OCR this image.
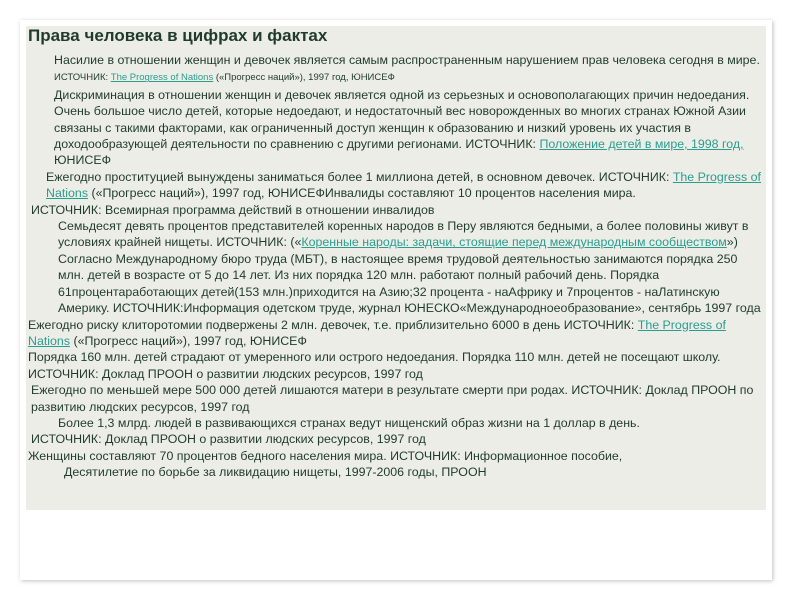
Права человека в цифрах и фактах

Насилие в отношении женщин и девочек является самым распространенным нарушением прав человека сегодня в мире. ИСТОЧНИК: The Progress of Nations («Прогресс наций»), 1997 год, ЮНИСЕФ

Дискриминация в отношении женщин и девочек является одной из серьезных и основополагающих причин недоедания. Очень большое число детей, которые недоедают, и недостаточный вес новорожденных во многих странах Южной Азии связаны с такими факторами, как ограниченный доступ женщин к образованию и низкий уровень их участия в доходообразующей деятельности по сравнению с другими регионами. ИСТОЧНИК: Положение детей в мире, 1998 год, ЮНИСЕФ

Ежегодно проституцией вынуждены заниматься более 1 миллиона детей, в основном девочек. ИСТОЧНИК: The Progress of Nations («Прогресс наций»), 1997 год, ЮНИСЕФИнвалиды составляют 10 процентов населения мира.

ИСТОЧНИК: Всемирная программа действий в отношении инвалидов

Семьдесят девять процентов представителей коренных народов в Перу являются бедными, а более половины живут в условиях крайней нищеты. ИСТОЧНИК: («Коренные народы: задачи, стоящие перед международным сообществом»)

Согласно Международному бюро труда (МБТ), в настоящее время трудовой деятельностью занимаются порядка 250 млн. детей в возрасте от 5 до 14 лет. Из них порядка 120 млн. работают полный рабочий день. Порядка 61процентаработающих детей(153 млн.)приходится на Азию;32 процента - наАфрику и 7процентов - наЛатинскую Америку. ИСТОЧНИК:Информация одетском труде, журнал ЮНЕСКО«Международноеобразование», сентябрь 1997 года

Ежегодно риску клиторотомии подвержены 2 млн. девочек, т.е. приблизительно 6000 в день ИСТОЧНИК: The Progress of Nations («Прогресс наций»), 1997 год, ЮНИСЕФ

Порядка 160 млн. детей страдают от умеренного или острого недоедания. Порядка 110 млн. детей не посещают школу. ИСТОЧНИК: Доклад ПРООН о развитии людских ресурсов, 1997 год

Ежегодно по меньшей мере 500 000 детей лишаются матери в результате смерти при родах. ИСТОЧНИК: Доклад ПРООН по развитию людских ресурсов, 1997 год

Более 1,3 млрд. людей в развивающихся странах ведут нищенский образ жизни на 1 доллар в день.

ИСТОЧНИК: Доклад ПРООН о развитии людских ресурсов, 1997 год

Женщины составляют 70 процентов бедного населения мира. ИСТОЧНИК: Информационное пособие,

Десятилетие по борьбе за ликвидацию нищеты, 1997-2006 годы, ПРООН
